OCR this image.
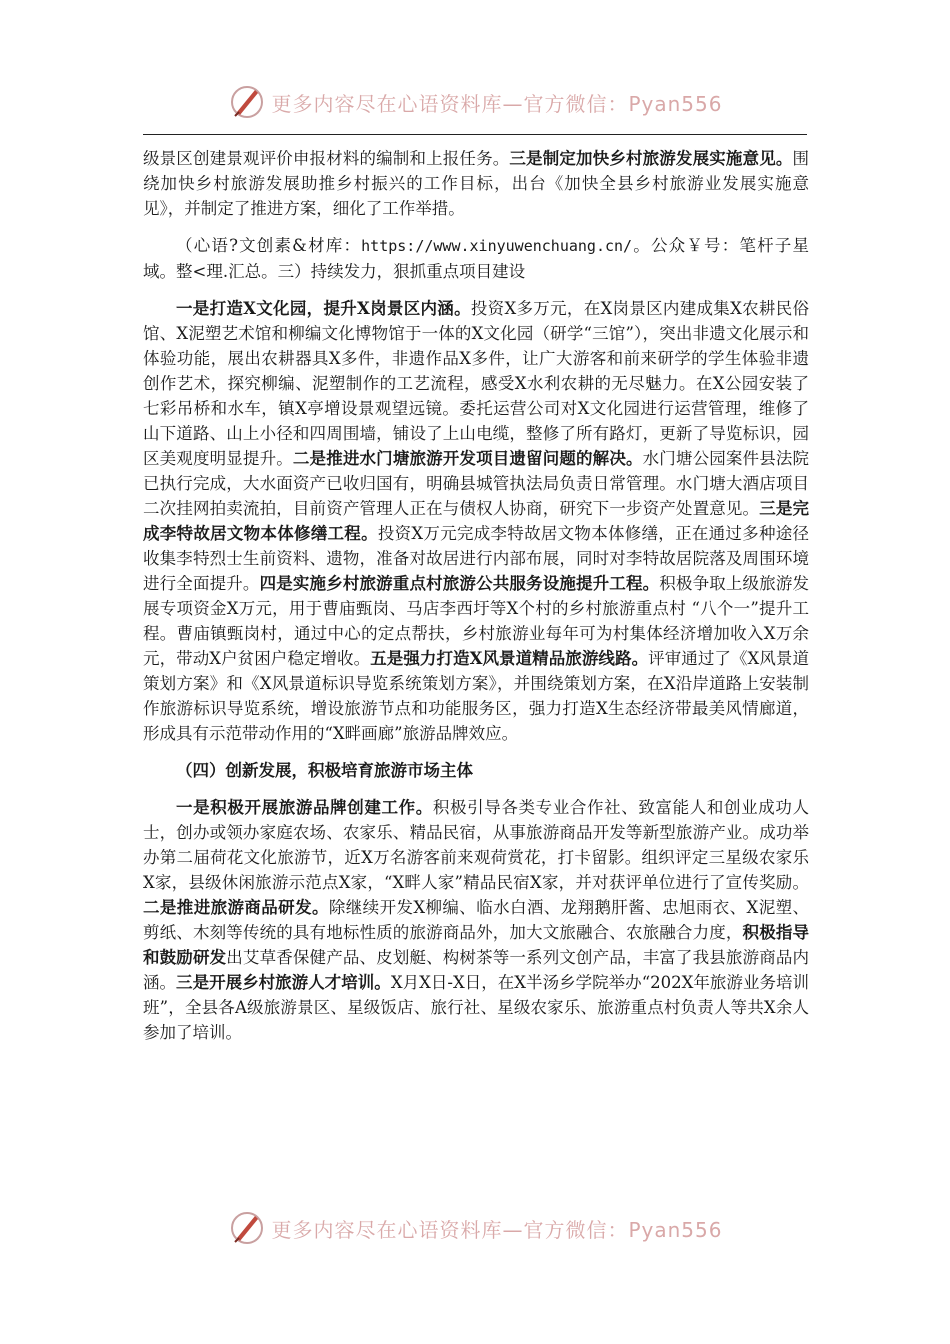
更多内容尽在心语资料库—官方微信：Pyan556

级景区创建景观评价申报材料的编制和上报任务。三是制定加快乡村旅游发展实施意见。围绕加快乡村旅游发展助推乡村振兴的工作目标，出台《加快全县乡村旅游业发展实施意见》，并制定了推进方案，细化了工作举措。

（心语?文创素&材库：https://www.xinyuwenchuang.cn/。公众￥号：笔杆子星域。整<理.汇总。三）持续发力，狠抓重点项目建设

一是打造X文化园，提升X岗景区内涵。投资X多万元，在X岗景区内建成集X农耕民俗馆、X泥塑艺术馆和柳编文化博物馆于一体的X文化园（研学“三馆”），突出非遗文化展示和体验功能，展出农耕器具X多件，非遗作品X多件，让广大游客和前来研学的学生体验非遗创作艺术，探究柳编、泥塑制作的工艺流程，感受X水利农耕的无尽魅力。在X公园安装了七彩吊桥和水车，镇X亭增设景观望远镜。委托运营公司对X文化园进行运营管理，维修了山下道路、山上小径和四周围墙，铺设了上山电缆，整修了所有路灯，更新了导览标识，园区美观度明显提升。二是推进水门塘旅游开发项目遗留问题的解决。水门塘公园案件县法院已执行完成，大水面资产已收归国有，明确县城管执法局负责日常管理。水门塘大酒店项目二次挂网拍卖流拍，目前资产管理人正在与债权人协商，研究下一步资产处置意见。三是完成李特故居文物本体修缮工程。投资X万元完成李特故居文物本体修缮，正在通过多种途径收集李特烈士生前资料、遗物，准备对故居进行内部布展，同时对李特故居院落及周围环境进行全面提升。四是实施乡村旅游重点村旅游公共服务设施提升工程。积极争取上级旅游发展专项资金X万元，用于曹庙甄岗、马店李西圩等X个村的乡村旅游重点村 “八个一”提升工程。曹庙镇甄岗村，通过中心的定点帮扶，乡村旅游业每年可为村集体经济增加收入X万余元，带动X户贫困户稳定增收。五是强力打造X风景道精品旅游线路。评审通过了《X风景道策划方案》和《X风景道标识导览系统策划方案》，并围绕策划方案，在X沿岸道路上安装制作旅游标识导览系统，增设旅游节点和功能服务区，强力打造X生态经济带最美风情廊道，形成具有示范带动作用的“X畔画廊”旅游品牌效应。

（四）创新发展，积极培育旅游市场主体

一是积极开展旅游品牌创建工作。积极引导各类专业合作社、致富能人和创业成功人士，创办或领办家庭农场、农家乐、精品民宿，从事旅游商品开发等新型旅游产业。成功举办第二届荷花文化旅游节，近X万名游客前来观荷赏花，打卡留影。组织评定三星级农家乐X家，县级休闲旅游示范点X家，“X畔人家”精品民宿X家，并对获评单位进行了宣传奖励。二是推进旅游商品研发。除继续开发X柳编、临水白酒、龙翔鹅肝酱、忠旭雨衣、X泥塑、剪纸、木刻等传统的具有地标性质的旅游商品外，加大文旅融合、农旅融合力度，积极指导和鼓励研发出艾草香保健产品、皮划艇、构树茶等一系列文创产品，丰富了我县旅游商品内涵。三是开展乡村旅游人才培训。X月X日-X日，在X半汤乡学院举办“202X年旅游业务培训班”，全县各A级旅游景区、星级饭店、旅行社、星级农家乐、旅游重点村负责人等共X余人参加了培训。

更多内容尽在心语资料库—官方微信：Pyan556
